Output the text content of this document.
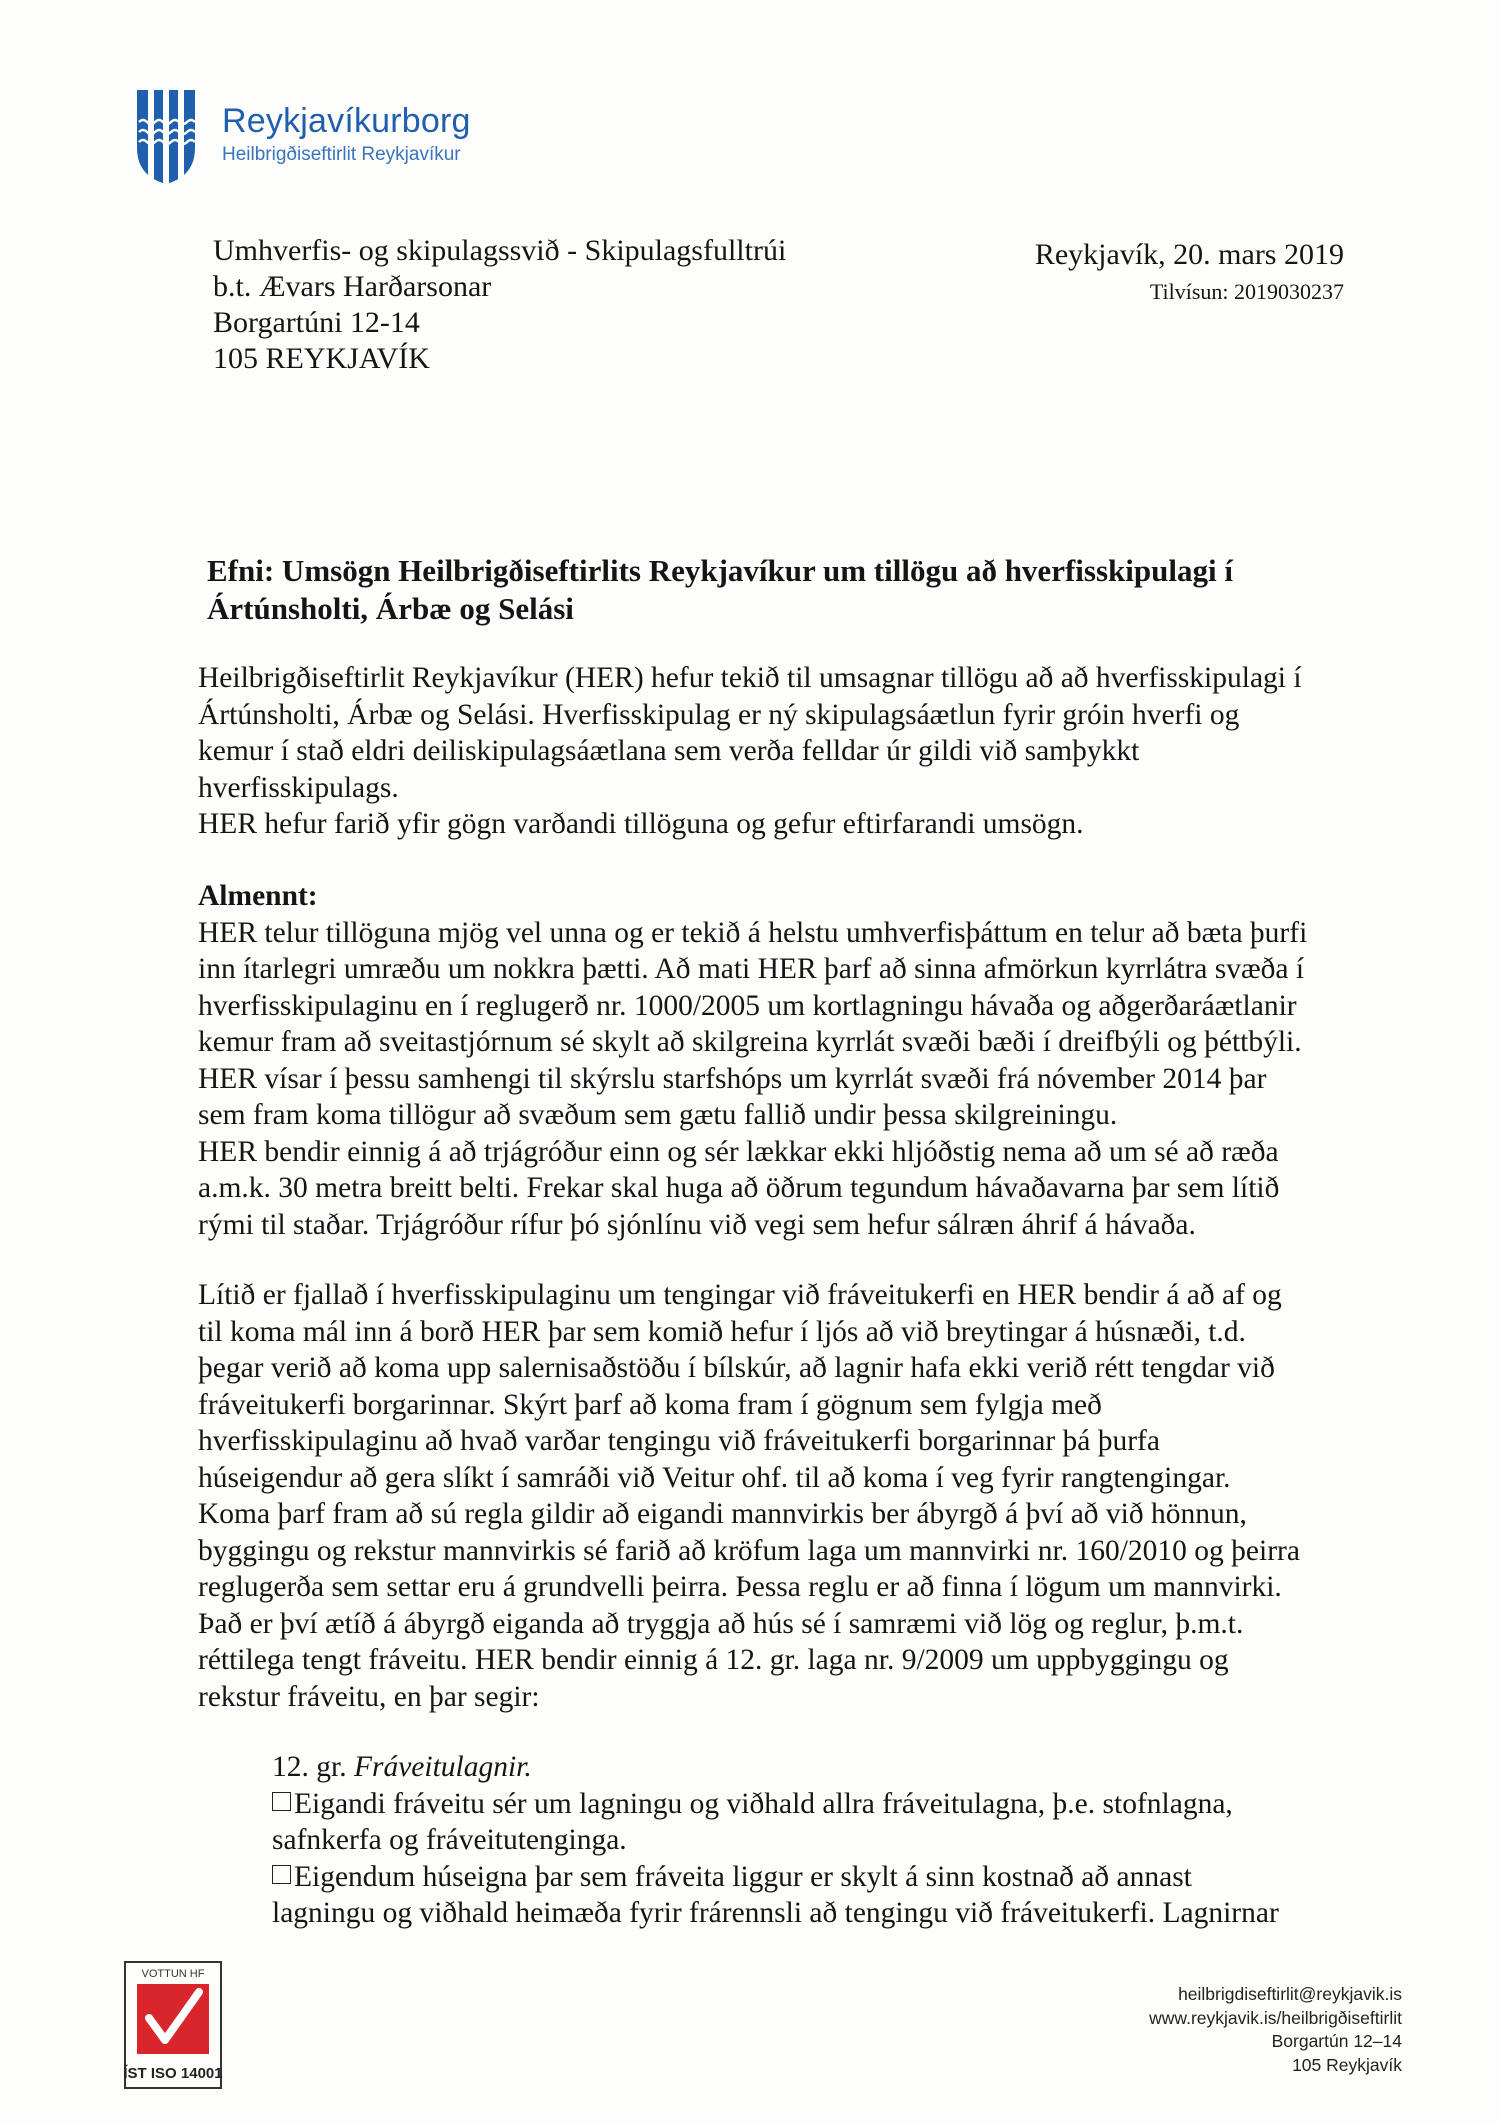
Reykjavíkurborg
Heilbrigðiseftirlit Reykjavíkur
Umhverfis- og skipulagssvið - Skipulagsfulltrúi
b.t. Ævars Harðarsonar
Borgartúni 12-14
105 REYKJAVÍK
Reykjavík, 20. mars 2019
Tilvísun: 2019030237
Efni: Umsögn Heilbrigðiseftirlits Reykjavíkur um tillögu að hverfisskipulagi í
Ártúnsholti, Árbæ og Selási
Heilbrigðiseftirlit Reykjavíkur (HER) hefur tekið til umsagnar tillögu að að hverfisskipulagi í
Ártúnsholti, Árbæ og Selási. Hverfisskipulag er ný skipulagsáætlun fyrir gróin hverfi og
kemur í stað eldri deiliskipulagsáætlana sem verða felldar úr gildi við samþykkt
hverfisskipulags.
HER hefur farið yfir gögn varðandi tillöguna og gefur eftirfarandi umsögn.
Almennt:
HER telur tillöguna mjög vel unna og er tekið á helstu umhverfisþáttum en telur að bæta þurfi
inn ítarlegri umræðu um nokkra þætti. Að mati HER þarf að sinna afmörkun kyrrlátra svæða í
hverfisskipulaginu en í reglugerð nr. 1000/2005 um kortlagningu hávaða og aðgerðaráætlanir
kemur fram að sveitastjórnum sé skylt að skilgreina kyrrlát svæði bæði í dreifbýli og þéttbýli.
HER vísar í þessu samhengi til skýrslu starfshóps um kyrrlát svæði frá nóvember 2014 þar
sem fram koma tillögur að svæðum sem gætu fallið undir þessa skilgreiningu.
HER bendir einnig á að trjágróður einn og sér lækkar ekki hljóðstig nema að um sé að ræða
a.m.k. 30 metra breitt belti. Frekar skal huga að öðrum tegundum hávaðavarna þar sem lítið
rými til staðar. Trjágróður rífur þó sjónlínu við vegi sem hefur sálræn áhrif á hávaða.
Lítið er fjallað í hverfisskipulaginu um tengingar við fráveitukerfi en HER bendir á að af og
til koma mál inn á borð HER þar sem komið hefur í ljós að við breytingar á húsnæði, t.d.
þegar verið að koma upp salernisaðstöðu í bílskúr, að lagnir hafa ekki verið rétt tengdar við
fráveitukerfi borgarinnar. Skýrt þarf að koma fram í gögnum sem fylgja með
hverfisskipulaginu að hvað varðar tengingu við fráveitukerfi borgarinnar þá þurfa
húseigendur að gera slíkt í samráði við Veitur ohf. til að koma í veg fyrir rangtengingar.
Koma þarf fram að sú regla gildir að eigandi mannvirkis ber ábyrgð á því að við hönnun,
byggingu og rekstur mannvirkis sé farið að kröfum laga um mannvirki nr. 160/2010 og þeirra
reglugerða sem settar eru á grundvelli þeirra. Þessa reglu er að finna í lögum um mannvirki.
Það er því ætíð á ábyrgð eiganda að tryggja að hús sé í samræmi við lög og reglur, þ.m.t.
réttilega tengt fráveitu. HER bendir einnig á 12. gr. laga nr. 9/2009 um uppbyggingu og
rekstur fráveitu, en þar segir:
12. gr. Fráveitulagnir.
Eigandi fráveitu sér um lagningu og viðhald allra fráveitulagna, þ.e. stofnlagna,
safnkerfa og fráveitutenginga.
Eigendum húseigna þar sem fráveita liggur er skylt á sinn kostnað að annast
lagningu og viðhald heimæða fyrir frárennsli að tengingu við fráveitukerfi. Lagnirnar
VOTTUN HF
ÍST ISO 14001
heilbrigdiseftirlit@reykjavik.is
www.reykjavik.is/heilbrigðiseftirlit
Borgartún 12–14
105 Reykjavík
